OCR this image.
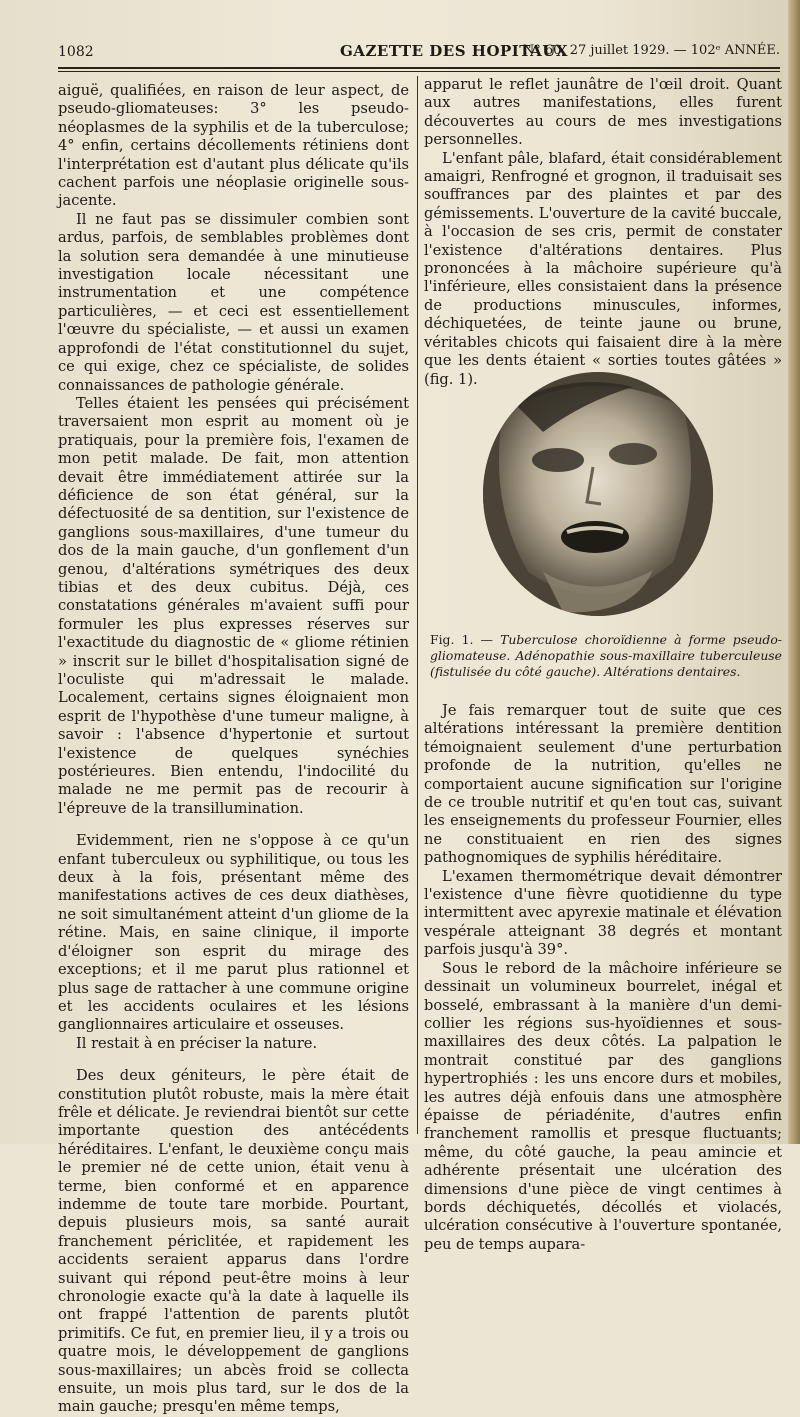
1082	GAZETTE DES HOPITAUX
N° 60, 27 juillet 1929. — 102ᵉ ANNÉE.

aiguë, qualifiées, en raison de leur aspect, de pseudo-gliomateuses: 3° les pseudo-néoplasmes de la syphilis et de la tuberculose; 4° enfin, certains décollements rétiniens dont l'interprétation est d'autant plus délicate qu'ils cachent parfois une néoplasie originelle sous-jacente.

Il ne faut pas se dissimuler combien sont ardus, parfois, de semblables problèmes dont la solution sera demandée à une minutieuse investigation locale nécessitant une instrumentation et une compétence particulières, — et ceci est essentiellement l'œuvre du spécialiste, — et aussi un examen approfondi de l'état constitutionnel du sujet, ce qui exige, chez ce spécialiste, de solides connaissances de pathologie générale.

Telles étaient les pensées qui précisément traversaient mon esprit au moment où je pratiquais, pour la première fois, l'examen de mon petit malade. De fait, mon attention devait être immédiatement attirée sur la déficience de son état général, sur la défectuosité de sa dentition, sur l'existence de ganglions sous-maxillaires, d'une tumeur du dos de la main gauche, d'un gonflement d'un genou, d'altérations symétriques des deux tibias et des deux cubitus. Déjà, ces constatations générales m'avaient suffi pour formuler les plus expresses réserves sur l'exactitude du diagnostic de « gliome rétinien » inscrit sur le billet d'hospitalisation signé de l'oculiste qui m'adressait le malade. Localement, certains signes éloignaient mon esprit de l'hypothèse d'une tumeur maligne, à savoir : l'absence d'hypertonie et surtout l'existence de quelques synéchies postérieures. Bien entendu, l'indocilité du malade ne me permit pas de recourir à l'épreuve de la transillumination.

Evidemment, rien ne s'oppose à ce qu'un enfant tuberculeux ou syphilitique, ou tous les deux à la fois, présentant même des manifestations actives de ces deux diathèses, ne soit simultanément atteint d'un gliome de la rétine. Mais, en saine clinique, il importe d'éloigner son esprit du mirage des exceptions; et il me parut plus rationnel et plus sage de rattacher à une commune origine et les accidents oculaires et les lésions ganglionnaires articulaire et osseuses.

Il restait à en préciser la nature.

Des deux géniteurs, le père était de constitution plutôt robuste, mais la mère était frêle et délicate. Je reviendrai bientôt sur cette importante question des antécédents héréditaires. L'enfant, le deuxième conçu mais le premier né de cette union, était venu à terme, bien conformé et en apparence indemme de toute tare morbide. Pourtant, depuis plusieurs mois, sa santé aurait franchement périclitée, et rapidement les accidents seraient apparus dans l'ordre suivant qui répond peut-être moins à leur chronologie exacte qu'à la date à laquelle ils ont frappé l'attention de parents plutôt primitifs. Ce fut, en premier lieu, il y a trois ou quatre mois, le développement de ganglions sous-maxillaires; un abcès froid se collecta ensuite, un mois plus tard, sur le dos de la main gauche; presqu'en même temps,

apparut le reflet jaunâtre de l'œil droit. Quant aux autres manifestations, elles furent découvertes au cours de mes investigations personnelles.

L'enfant pâle, blafard, était considérablement amaigri, Renfrogné et grognon, il traduisait ses souffrances par des plaintes et par des gémissements. L'ouverture de la cavité buccale, à l'occasion de ses cris, permit de constater l'existence d'altérations dentaires. Plus prononcées à la mâchoire supérieure qu'à l'inférieure, elles consistaient dans la présence de productions minuscules, informes, déchiquetées, de teinte jaune ou brune, véritables chicots qui faisaient dire à la mère que les dents étaient « sorties toutes gâtées » (fig. 1).

Fig. 1. — Tuberculose choroïdienne à forme pseudo-gliomateuse. Adénopathie sous-maxillaire tuberculeuse (fistulisée du côté gauche). Altérations dentaires.

Je fais remarquer tout de suite que ces altérations intéressant la première dentition témoignaient seulement d'une perturbation profonde de la nutrition, qu'elles ne comportaient aucune signification sur l'origine de ce trouble nutritif et qu'en tout cas, suivant les enseignements du professeur Fournier, elles ne constituaient en rien des signes pathognomiques de syphilis héréditaire.

L'examen thermométrique devait démontrer l'existence d'une fièvre quotidienne du type intermittent avec apyrexie matinale et élévation vespérale atteignant 38 degrés et montant parfois jusqu'à 39°.

Sous le rebord de la mâchoire inférieure se dessinait un volumineux bourrelet, inégal et bosselé, embrassant à la manière d'un demi-collier les régions sus-hyoïdiennes et sous-maxillaires des deux côtés. La palpation le montrait constitué par des ganglions hypertrophiés : les uns encore durs et mobiles, les autres déjà enfouis dans une atmosphère épaisse de périadénite, d'autres enfin franchement ramollis et presque fluctuants; même, du côté gauche, la peau amincie et adhérente présentait une ulcération des dimensions d'une pièce de vingt centimes à bords déchiquetés, décollés et violacés, ulcération consécutive à l'ouverture spontanée, peu de temps aupara-
